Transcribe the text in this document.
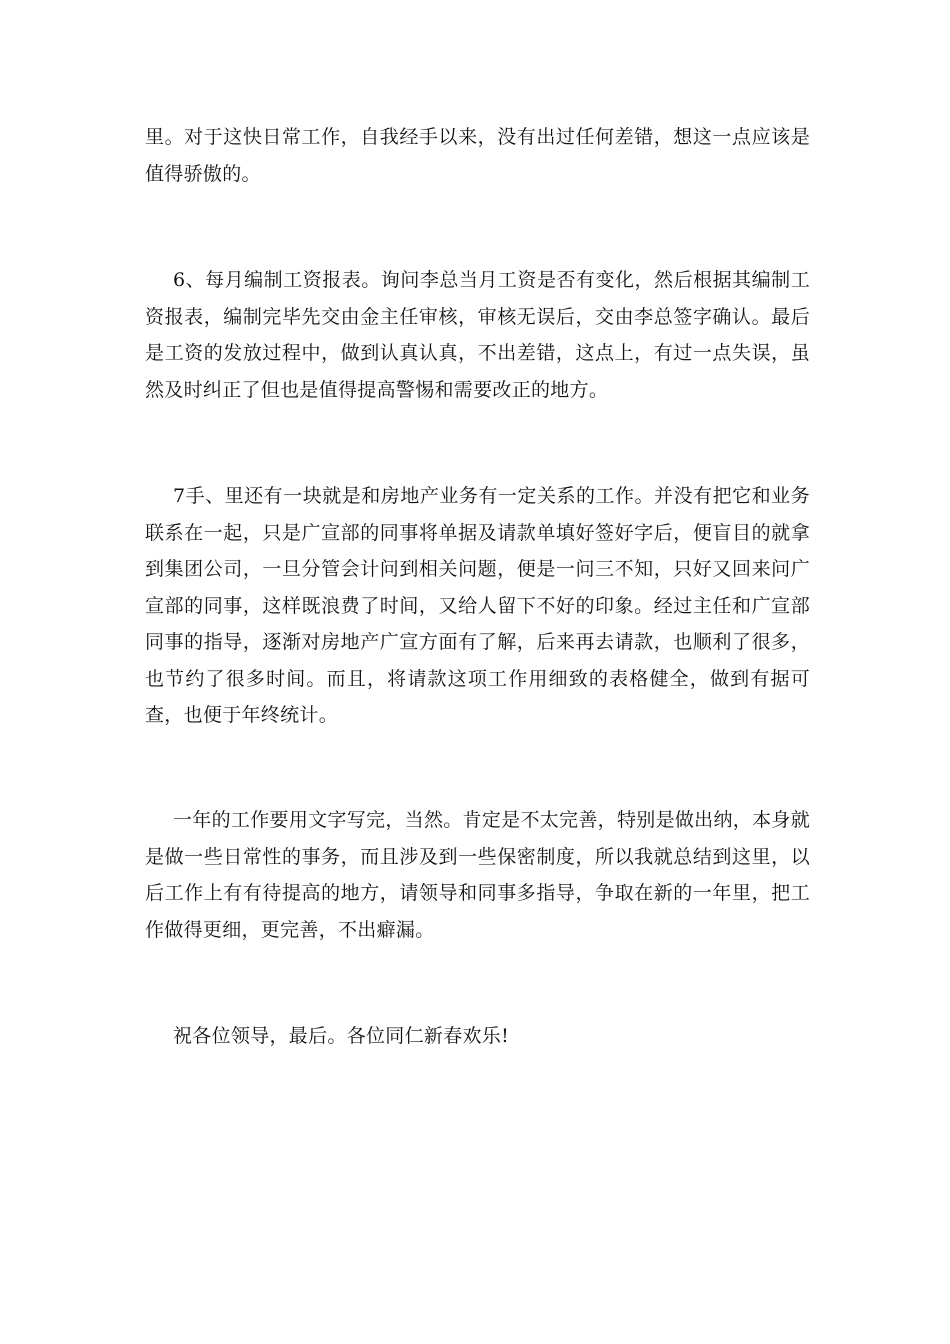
里。对于这快日常工作，自我经手以来，没有出过任何差错，想这一点应该是值得骄傲的。

6、每月编制工资报表。询问李总当月工资是否有变化，然后根据其编制工资报表，编制完毕先交由金主任审核，审核无误后，交由李总签字确认。最后是工资的发放过程中，做到认真认真，不出差错，这点上，有过一点失误，虽然及时纠正了但也是值得提高警惕和需要改正的地方。

7手、里还有一块就是和房地产业务有一定关系的工作。并没有把它和业务联系在一起，只是广宣部的同事将单据及请款单填好签好字后，便盲目的就拿到集团公司，一旦分管会计问到相关问题，便是一问三不知，只好又回来问广宣部的同事，这样既浪费了时间，又给人留下不好的印象。经过主任和广宣部同事的指导，逐渐对房地产广宣方面有了解，后来再去请款，也顺利了很多，也节约了很多时间。而且，将请款这项工作用细致的表格健全，做到有据可查，也便于年终统计。

一年的工作要用文字写完，当然。肯定是不太完善，特别是做出纳，本身就是做一些日常性的事务，而且涉及到一些保密制度，所以我就总结到这里，以后工作上有有待提高的地方，请领导和同事多指导，争取在新的一年里，把工作做得更细，更完善，不出癖漏。

祝各位领导，最后。各位同仁新春欢乐!
